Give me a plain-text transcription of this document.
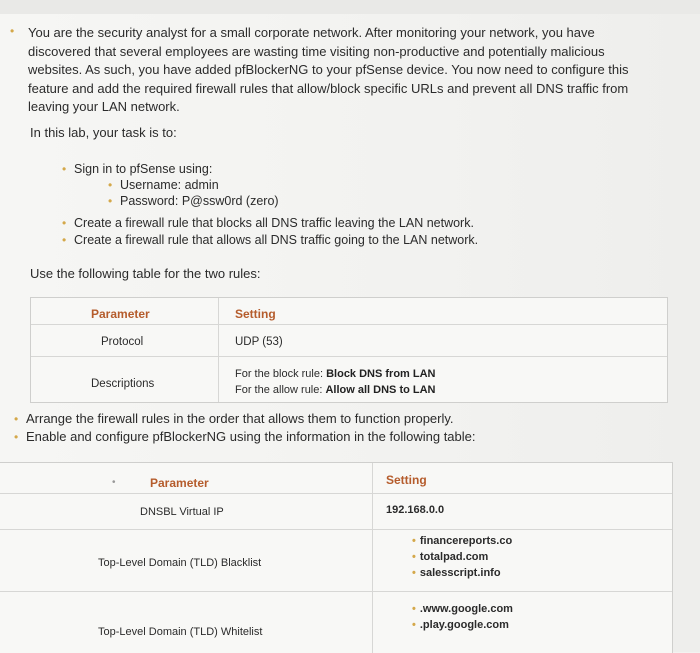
• You are the security analyst for a small corporate network. After monitoring your network, you have
discovered that several employees are wasting time visiting non-productive and potentially malicious
websites. As such, you have added pfBlockerNG to your pfSense device. You now need to configure this
feature and add the required firewall rules that allow/block specific URLs and prevent all DNS traffic from
leaving your LAN network.
In this lab, your task is to:
• Sign in to pfSense using:
• Username: admin
• Password: P@ssw0rd (zero)
• Create a firewall rule that blocks all DNS traffic leaving the LAN network.
• Create a firewall rule that allows all DNS traffic going to the LAN network.
Use the following table for the two rules:
Parameter	Setting
Protocol	UDP (53)
Descriptions
For the block rule: Block DNS from LAN
For the allow rule: Allow all DNS to LAN
• Arrange the firewall rules in the order that allows them to function properly.
• Enable and configure pfBlockerNG using the information in the following table:
•	Parameter	Setting
DNSBL Virtual IP	192.168.0.0
Top-Level Domain (TLD) Blacklist
• financereports.co
• totalpad.com
• salesscript.info
Top-Level Domain (TLD) Whitelist
• .www.google.com
• .play.google.com
